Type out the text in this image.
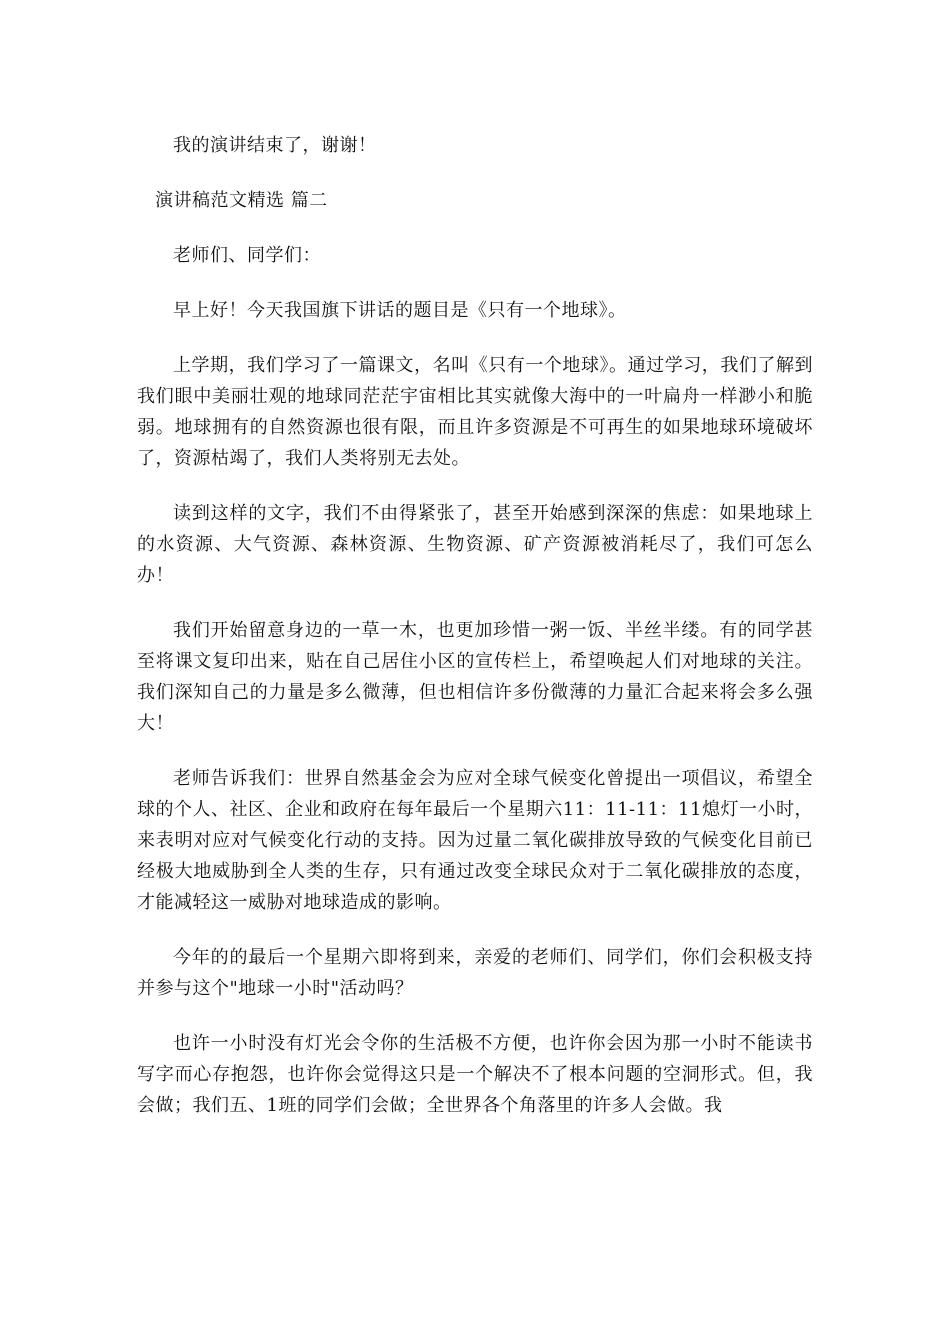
我的演讲结束了，谢谢！

演讲稿范文精选 篇二

老师们、同学们：

早上好！今天我国旗下讲话的题目是《只有一个地球》。

上学期，我们学习了一篇课文，名叫《只有一个地球》。通过学习，我们了解到我们眼中美丽壮观的地球同茫茫宇宙相比其实就像大海中的一叶扁舟一样渺小和脆弱。地球拥有的自然资源也很有限，而且许多资源是不可再生的如果地球环境破坏了，资源枯竭了，我们人类将别无去处。

读到这样的文字，我们不由得紧张了，甚至开始感到深深的焦虑：如果地球上的水资源、大气资源、森林资源、生物资源、矿产资源被消耗尽了，我们可怎么办！

我们开始留意身边的一草一木，也更加珍惜一粥一饭、半丝半缕。有的同学甚至将课文复印出来，贴在自己居住小区的宣传栏上，希望唤起人们对地球的关注。我们深知自己的力量是多么微薄，但也相信许多份微薄的力量汇合起来将会多么强大！

老师告诉我们：世界自然基金会为应对全球气候变化曾提出一项倡议，希望全球的个人、社区、企业和政府在每年最后一个星期六11：11-11：11熄灯一小时，来表明对应对气候变化行动的支持。因为过量二氧化碳排放导致的气候变化目前已经极大地威胁到全人类的生存，只有通过改变全球民众对于二氧化碳排放的态度，才能减轻这一威胁对地球造成的影响。

今年的的最后一个星期六即将到来，亲爱的老师们、同学们，你们会积极支持并参与这个"地球一小时"活动吗？

也许一小时没有灯光会令你的生活极不方便，也许你会因为那一小时不能读书写字而心存抱怨，也许你会觉得这只是一个解决不了根本问题的空洞形式。但，我会做；我们五、1班的同学们会做；全世界各个角落里的许多人会做。我
